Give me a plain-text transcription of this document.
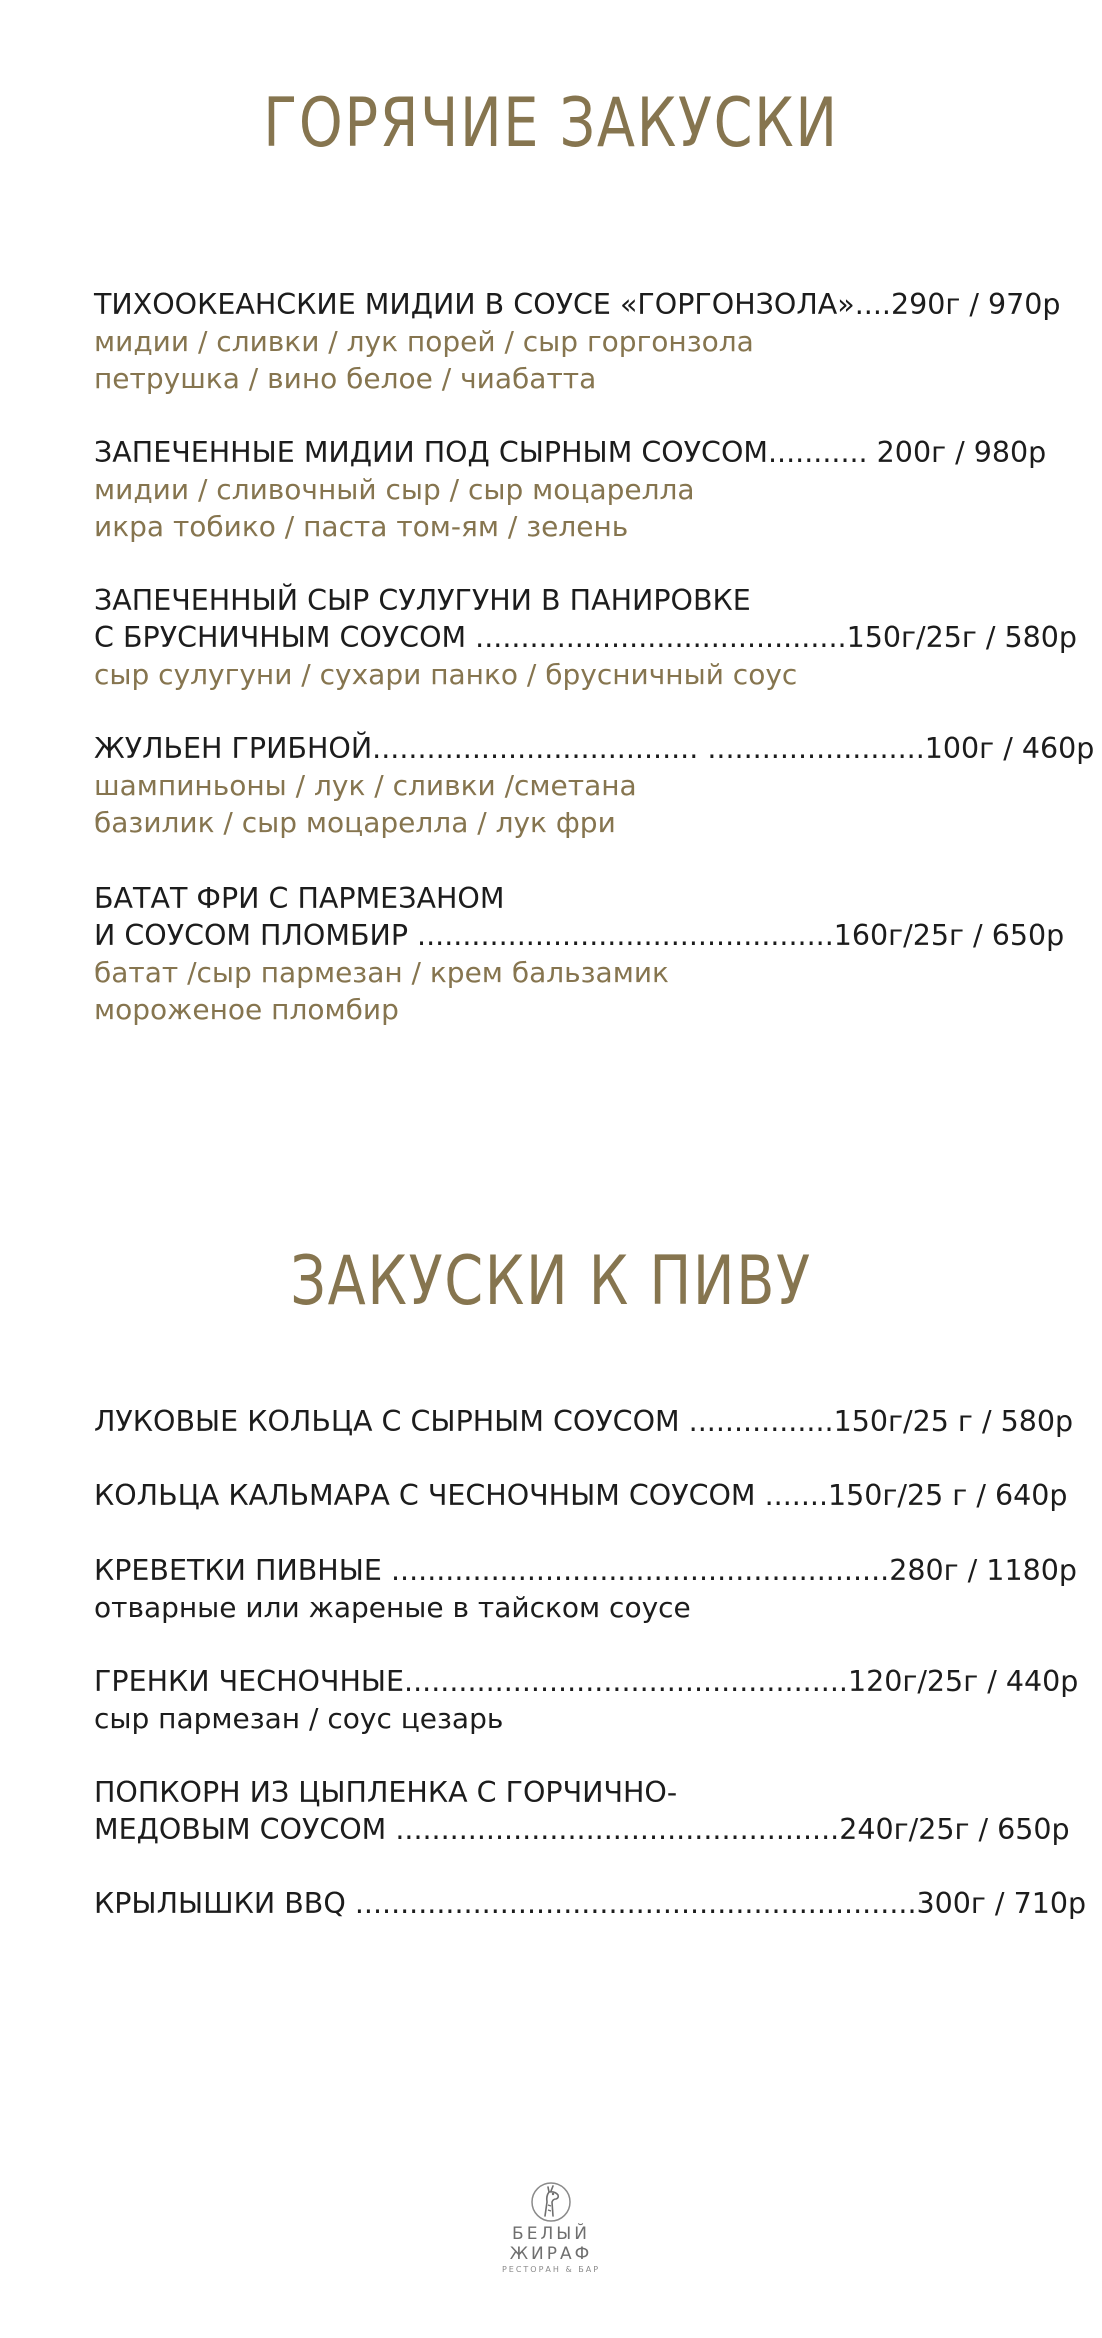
ГОРЯЧИЕ ЗАКУСКИ
ТИХООКЕАНСКИЕ МИДИИ В СОУСЕ «ГОРГОНЗОЛА»....290г / 970р
мидии / сливки / лук порей / сыр горгонзола
петрушка / вино белое / чиабатта
ЗАПЕЧЕННЫЕ МИДИИ ПОД СЫРНЫМ СОУСОМ........... 200г / 980р
мидии / сливочный сыр / сыр моцарелла
икра тобико / паста том-ям / зелень
ЗАПЕЧЕННЫЙ СЫР СУЛУГУНИ В ПАНИРОВКЕ
С БРУСНИЧНЫМ СОУСОМ .........................................150г/25г / 580р
сыр сулугуни / сухари панко / брусничный соус
ЖУЛЬЕН ГРИБНОЙ.................................... ........................100г / 460р
шампиньоны / лук / сливки /сметана
базилик / сыр моцарелла / лук фри
БАТАТ ФРИ С ПАРМЕЗАНОМ
И СОУСОМ ПЛОМБИР ..............................................160г/25г / 650р
батат /сыр пармезан / крем бальзамик
мороженое пломбир
ЗАКУСКИ К ПИВУ
ЛУКОВЫЕ КОЛЬЦА С СЫРНЫМ СОУСОМ ................150г/25 г / 580р
КОЛЬЦА КАЛЬМАРА С ЧЕСНОЧНЫМ СОУСОМ .......150г/25 г / 640р
КРЕВЕТКИ ПИВНЫЕ .......................................................280г / 1180р
отварные или жареные в тайском соусе
ГРЕНКИ ЧЕСНОЧНЫЕ.................................................120г/25г / 440р
сыр пармезан / соус цезарь
ПОПКОРН ИЗ ЦЫПЛЕНКА С ГОРЧИЧНО-
МЕДОВЫМ СОУСОМ .................................................240г/25г / 650р
КРЫЛЫШКИ BBQ ..............................................................300г / 710р
БЕЛЫЙ
ЖИРАФ
РЕСТОРАН & БАР
